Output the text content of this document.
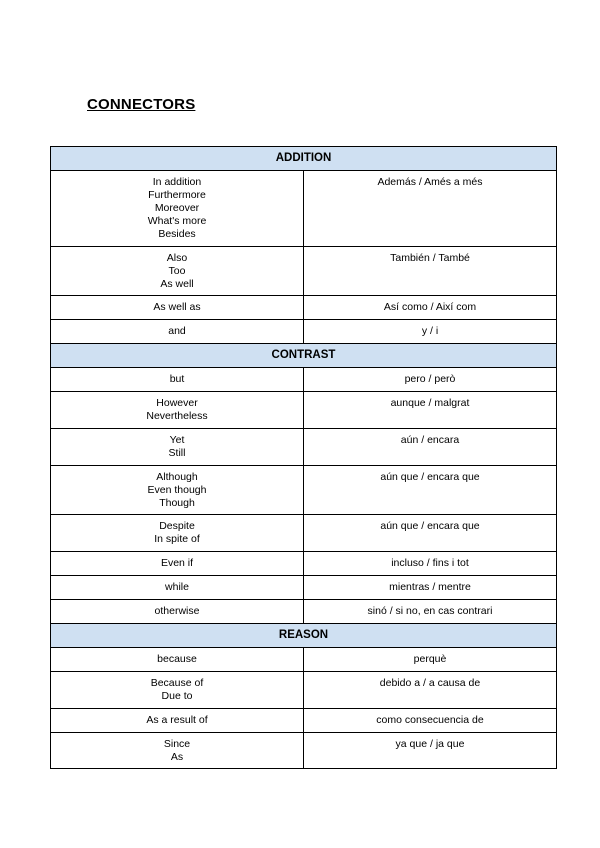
CONNECTORS
ADDITION	

In addition
Furthermore
Moreover
What's more
Besides	Además / Amés a més

Also
Too
As well	También / També

As well as	Así como / Així com

and	y / i

CONTRAST	

but	pero / però

However
Nevertheless	aunque / malgrat

Yet
Still	aún / encara

Although
Even though
Though	aún que / encara que

Despite
In spite of	aún que / encara que

Even if	incluso / fins i tot

while	mientras / mentre

otherwise	sinó / si no, en cas contrari

REASON	

because	perquè

Because of
Due to	debido a / a causa de

As a result of	como consecuencia de

Since
As	ya que / ja que
